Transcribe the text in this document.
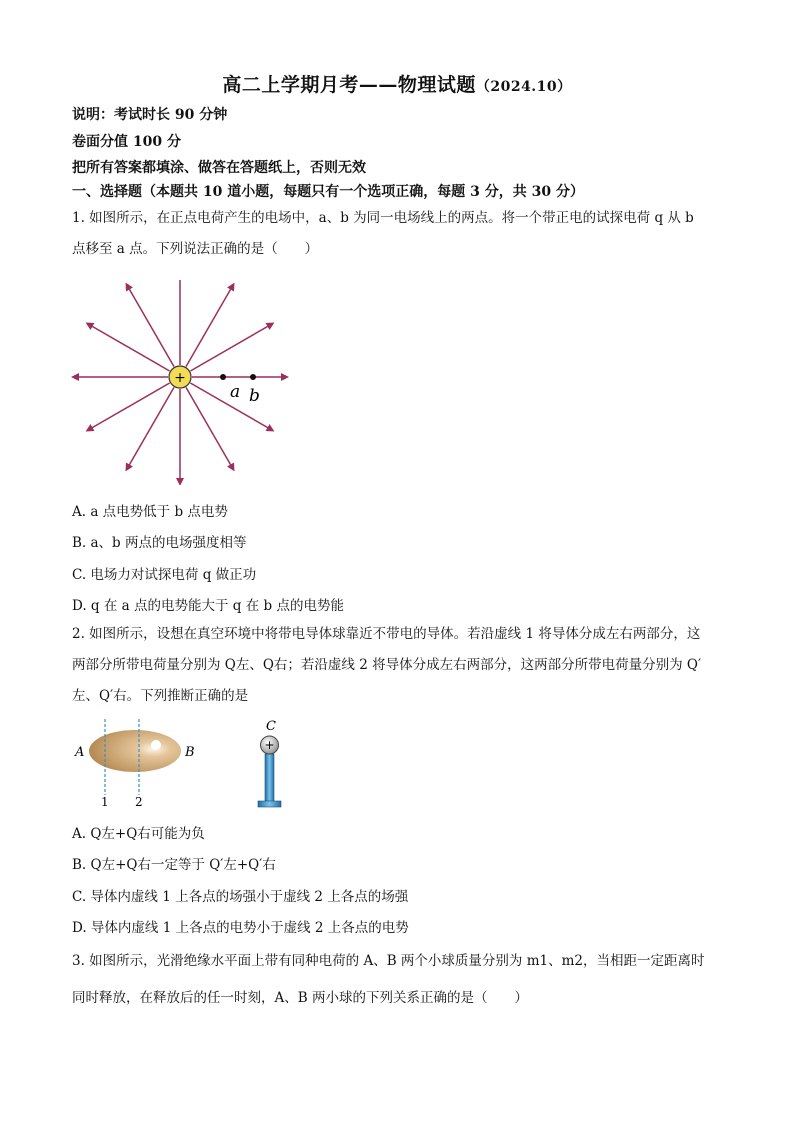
高二上学期月考——物理试题（2024.10）
说明：考试时长 90 分钟
卷面分值 100 分
把所有答案都填涂、做答在答题纸上，否则无效
一、选择题（本题共 10 道小题，每题只有一个选项正确，每题 3 分，共 30 分）
1. 如图所示，在正点电荷产生的电场中，a、b 为同一电场线上的两点。将一个带正电的试探电荷 q 从 b
点移至 a 点。下列说法正确的是（　　）
+
a b
A. a 点电势低于 b 点电势
B. a、b 两点的电场强度相等
C. 电场力对试探电荷 q 做正功
D. q 在 a 点的电势能大于 q 在 b 点的电势能
2. 如图所示，设想在真空环境中将带电导体球靠近不带电的导体。若沿虚线 1 将导体分成左右两部分，这
两部分所带电荷量分别为 Q左、Q右；若沿虚线 2 将导体分成左右两部分，这两部分所带电荷量分别为 Q′
左、Q′右。下列推断正确的是
A	B
1 2
C
+
A. Q左+Q右可能为负
B. Q左+Q右一定等于 Q′左+Q′右
C. 导体内虚线 1 上各点的场强小于虚线 2 上各点的场强
D. 导体内虚线 1 上各点的电势小于虚线 2 上各点的电势
3. 如图所示，光滑绝缘水平面上带有同种电荷的 A、B 两个小球质量分别为 m1、m2，当相距一定距离时
同时释放，在释放后的任一时刻，A、B 两小球的下列关系正确的是（　　）
